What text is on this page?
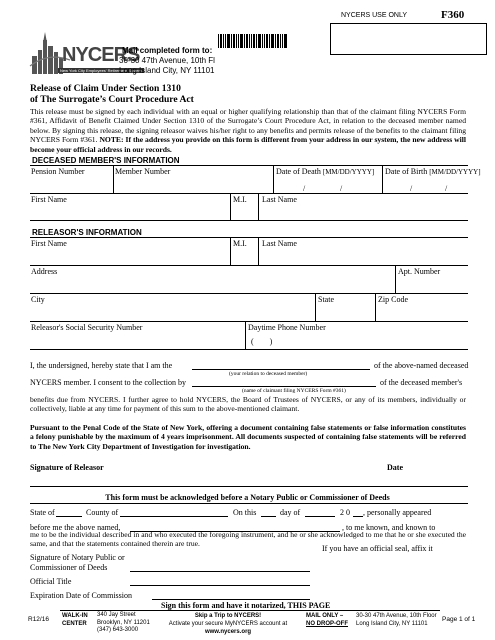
NYCERS USE ONLY	F360
NYCERS
New York City Employees' Retirement System
Mail completed form to:
30-30 47th Avenue, 10th Fl
Long Island City, NY 11101
Release of Claim Under Section 1310
of The Surrogate’s Court Procedure Act
This release must be signed by each individual with an equal or higher qualifying relationship than that of the claimant filing NYCERS Form #361, Affidavit of Benefit Claimed Under Section 1310 of the Surrogate’s Court Procedure Act, in relation to the deceased member named below. By signing this release, the signing releasor waives his/her right to any benefits and permits release of the benefits to the claimant filing NYCERS Form #361. NOTE: If the address you provide on this form is different from your address in our system, the new address will become your official address in our records.
DECEASED MEMBER'S INFORMATION
Pension Number	Member Number	Date of Death [MM/DD/YYYY] Date of Birth [MM/DD/YYYY]
/	/	/	/
First Name	M.I. Last Name
RELEASOR'S INFORMATION
First Name	M.I. Last Name
Address	Apt. Number
City	State	Zip Code
Releasor's Social Security Number	Daytime Phone Number
(        )
I, the undersigned, hereby state that I am the	of the above-named deceased
(your relation to deceased member)
NYCERS member. I consent to the collection by	of the deceased member's
(name of claimant filing NYCERS Form #361)
benefits due from NYCERS. I further agree to hold NYCERS, the Board of Trustees of NYCERS, or any of its members, individually or collectively, liable at any time for payment of this sum to the above-mentioned claimant.
Pursuant to the Penal Code of the State of New York, offering a document containing false statements or false information constitutes a felony punishable by the maximum of 4 years imprisonment. All documents suspected of containing false statements will be referred to The New York City Department of Investigation for investigation.
Signature of Releasor	Date
This form must be acknowledged before a Notary Public or Commissioner of Deeds
State of	County of	On this	day of	2 0 , personally appeared
before me the above named,	, to me known, and known to
me to be the individual described in and who executed the foregoing instrument, and he or she acknowledged to me that he or she executed the same, and that the statements contained therein are true.
If you have an official seal, affix it
Signature of Notary Public or
Commissioner of Deeds
Official Title
Expiration Date of Commission
Sign this form and have it notarized, THIS PAGE
R12/16 WALK-IN
CENTER
340 Jay Street
Brooklyn, NY 11201
(347) 643-3000
Skip a Trip to NYCERS!
Activate your secure MyNYCERS account at
www.nycers.org
MAIL ONLY –
NO DROP-OFF
30-30 47th Avenue, 10th Floor
Long Island City, NY 11101
Page 1 of 1
